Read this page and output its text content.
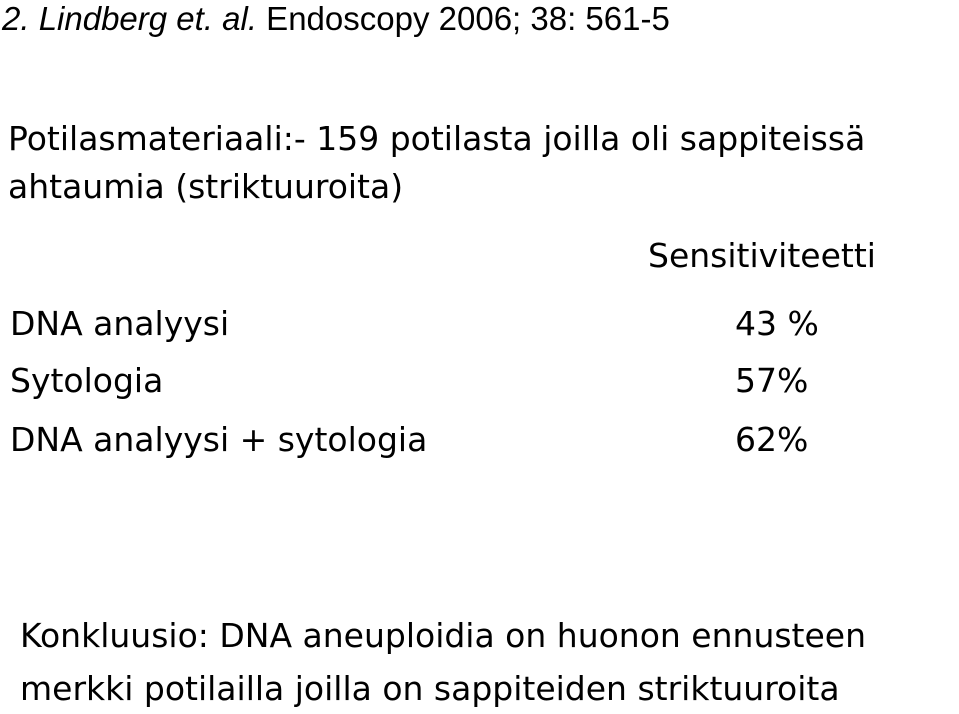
2. Lindberg et. al. Endoscopy 2006; 38: 561-5
Potilasmateriaali:- 159 potilasta joilla oli sappiteissä
ahtaumia (striktuuroita)
Sensitiviteetti
DNA analyysi	43 %
Sytologia	57%
DNA analyysi + sytologia	62%
Konkluusio: DNA aneuploidia on huonon ennusteen
merkki potilailla joilla on sappiteiden striktuuroita
